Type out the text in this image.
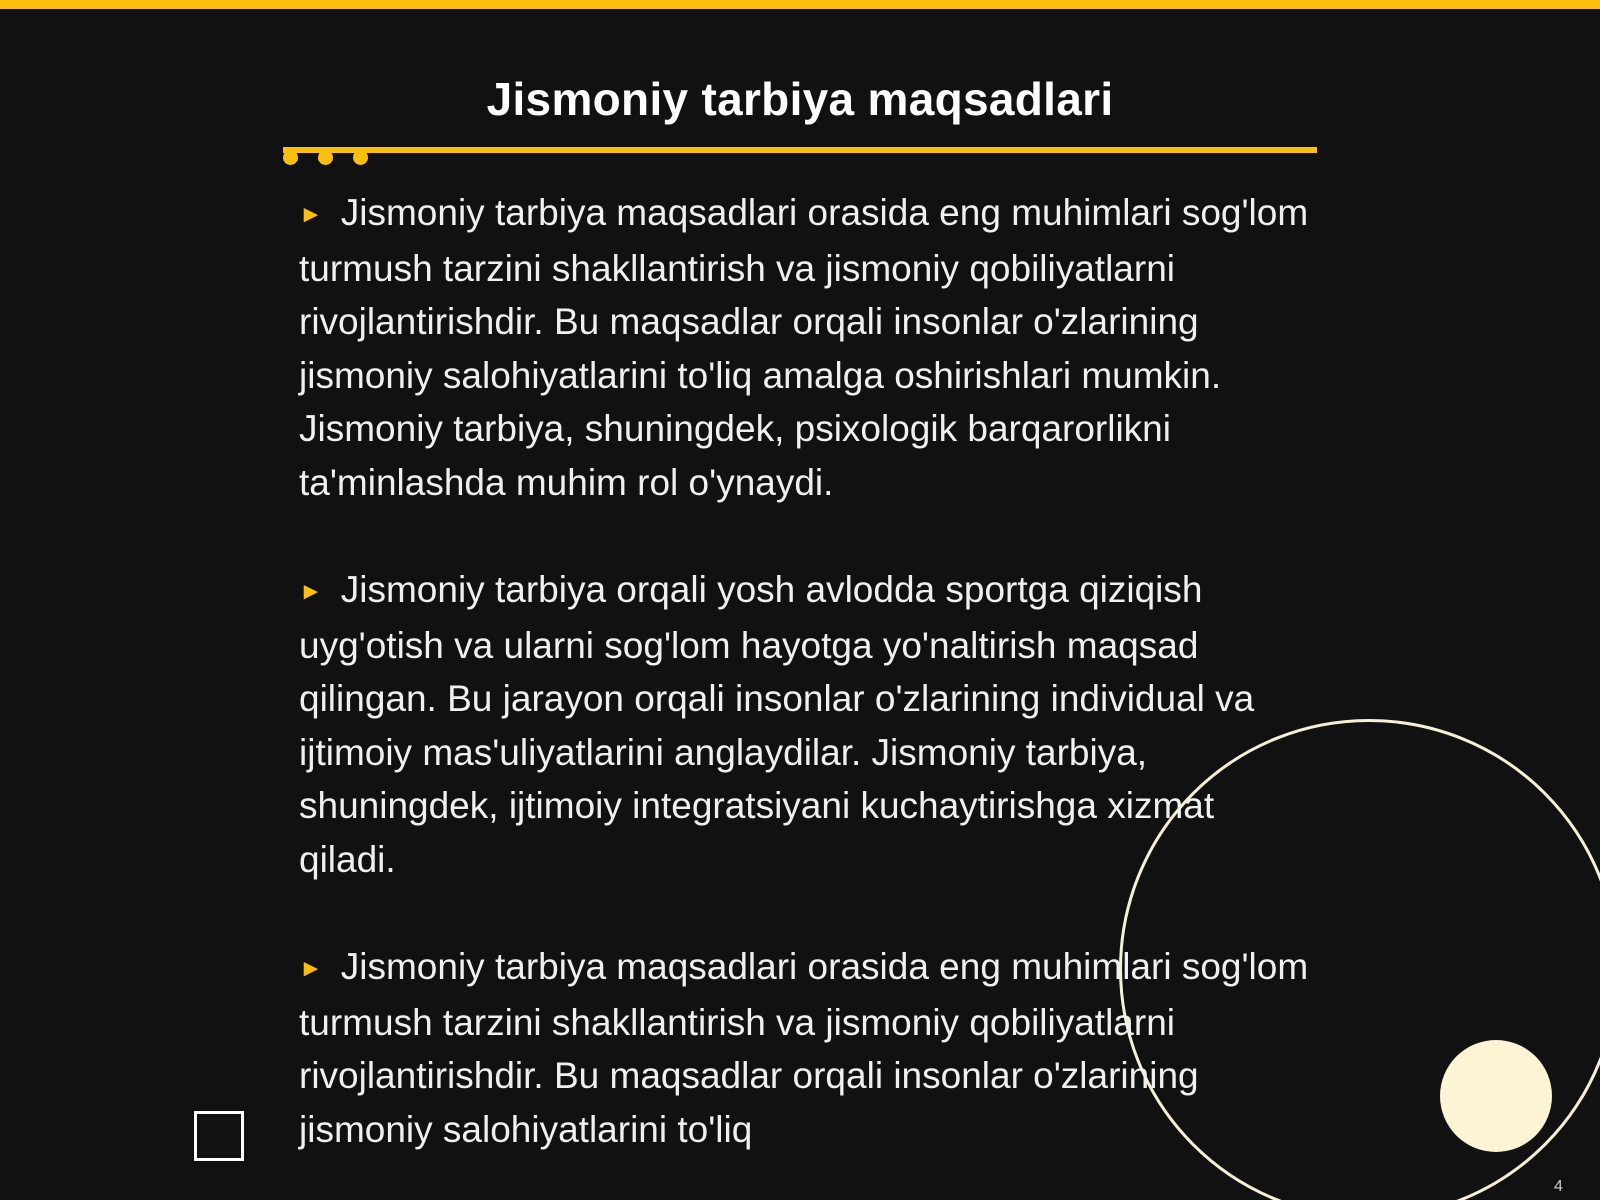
Jismoniy tarbiya maqsadlari

► Jismoniy tarbiya maqsadlari orasida eng muhimlari sog'lom turmush tarzini shakllantirish va jismoniy qobiliyatlarni rivojlantirishdir. Bu maqsadlar orqali insonlar o'zlarining jismoniy salohiyatlarini to'liq amalga oshirishlari mumkin. Jismoniy tarbiya, shuningdek, psixologik barqarorlikni ta'minlashda muhim rol o'ynaydi.

► Jismoniy tarbiya orqali yosh avlodda sportga qiziqish uyg'otish va ularni sog'lom hayotga yo'naltirish maqsad qilingan. Bu jarayon orqali insonlar o'zlarining individual va ijtimoiy mas'uliyatlarini anglaydilar. Jismoniy tarbiya, shuningdek, ijtimoiy integratsiyani kuchaytirishga xizmat qiladi.

► Jismoniy tarbiya maqsadlari orasida eng muhimlari sog'lom turmush tarzini shakllantirish va jismoniy qobiliyatlarni rivojlantirishdir. Bu maqsadlar orqali insonlar o'zlarining jismoniy salohiyatlarini to'liq

4
